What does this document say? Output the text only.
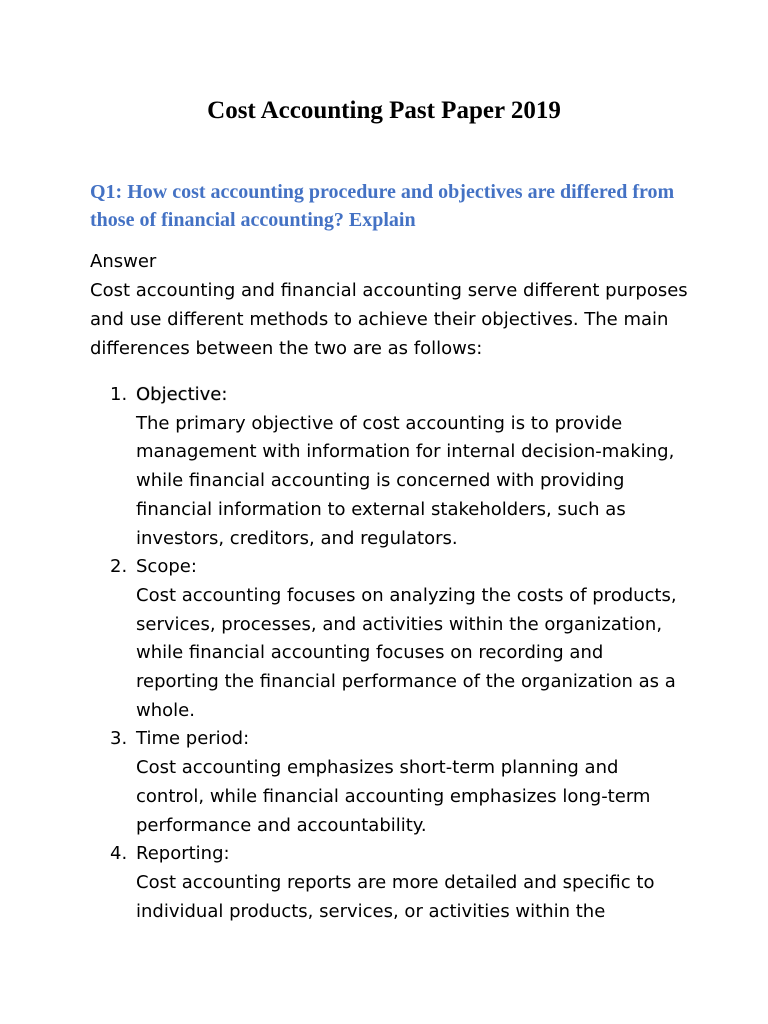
Cost Accounting Past Paper 2019
Q1: How cost accounting procedure and objectives are differed from those of financial accounting? Explain

Answer

Cost accounting and financial accounting serve different purposes and use different methods to achieve their objectives. The main differences between the two are as follows:

1. Objective:
The primary objective of cost accounting is to provide management with information for internal decision-making, while financial accounting is concerned with providing financial information to external stakeholders, such as investors, creditors, and regulators.
2. Scope:
Cost accounting focuses on analyzing the costs of products, services, processes, and activities within the organization, while financial accounting focuses on recording and reporting the financial performance of the organization as a whole.
3. Time period:
Cost accounting emphasizes short-term planning and control, while financial accounting emphasizes long-term performance and accountability.
4. Reporting:
Cost accounting reports are more detailed and specific to individual products, services, or activities within the
